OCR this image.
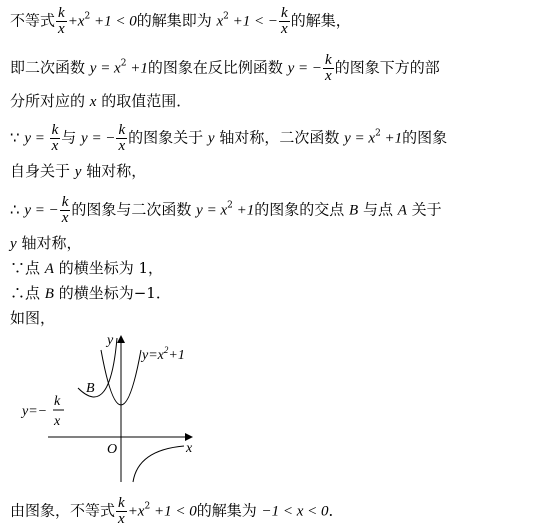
不等式 $\frac{k}{x} +x^2 +1 < 0$的解集即为 $x^2 +1$ < − $\frac{k}{x}$ 的解集，
即二次函数 $y = x^2 +1$的图象在反比例函数 y = − $\frac{k}{x}$ 的图象下方的部
分所对应的 x 的取值范围．
∵ $y = \frac{k}{x}$ 与 y = − $\frac{k}{x}$ 的图象关于 y 轴对称，二次函数 $y = x^2 +1$的图象
自身关于 y 轴对称，
∴ y = − $\frac{k}{x}$ 的图象与二次函数 $y = x^2 +1$的图象的交点 B 与点 A 关于
y 轴对称，
∵点 A 的横坐标为 1，
∴点 B 的横坐标为−1．
如图，
由图象，不等式 $\frac{k}{x} +x^2 +1 < 0$的解集为 −1 < x < 0．
y
x
O
B
$y=x^2+1$
y=−
k
x
